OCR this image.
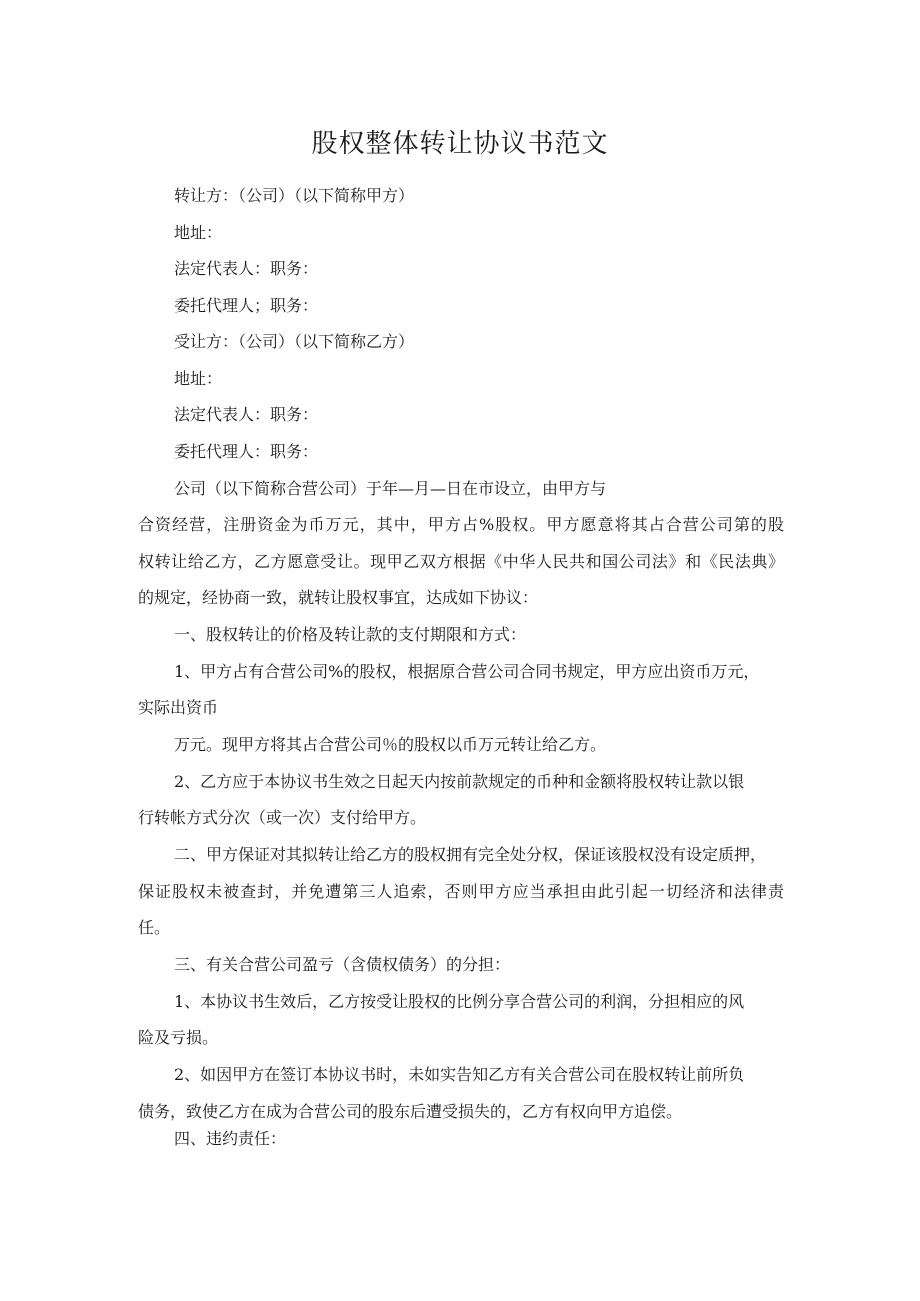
股权整体转让协议书范文
转让方：（公司）（以下简称甲方）
地址：
法定代表人：职务：
委托代理人；职务：
受让方：（公司）（以下简称乙方）
地址：
法定代表人：职务：
委托代理人：职务：
公司（以下简称合营公司）于年—月—日在市设立，由甲方与
合资经营，注册资金为币万元，其中，甲方占%股权。甲方愿意将其占合营公司第的股
权转让给乙方，乙方愿意受让。现甲乙双方根据《中华人民共和国公司法》和《民法典》
的规定，经协商一致，就转让股权事宜，达成如下协议：
一、股权转让的价格及转让款的支付期限和方式：
1、甲方占有合营公司%的股权，根据原合营公司合同书规定，甲方应出资币万元，
实际出资币
万元。现甲方将其占合营公司％的股权以币万元转让给乙方。
2、乙方应于本协议书生效之日起天内按前款规定的币种和金额将股权转让款以银
行转帐方式分次（或一次）支付给甲方。
二、甲方保证对其拟转让给乙方的股权拥有完全处分权，保证该股权没有设定质押，
保证股权未被查封，并免遭第三人追索，否则甲方应当承担由此引起一切经济和法律责
任。
三、有关合营公司盈亏（含债权债务）的分担：
1、本协议书生效后，乙方按受让股权的比例分享合营公司的利润，分担相应的风
险及亏损。
2、如因甲方在签订本协议书时，未如实告知乙方有关合营公司在股权转让前所负
债务，致使乙方在成为合营公司的股东后遭受损失的，乙方有权向甲方追偿。
四、违约责任：
